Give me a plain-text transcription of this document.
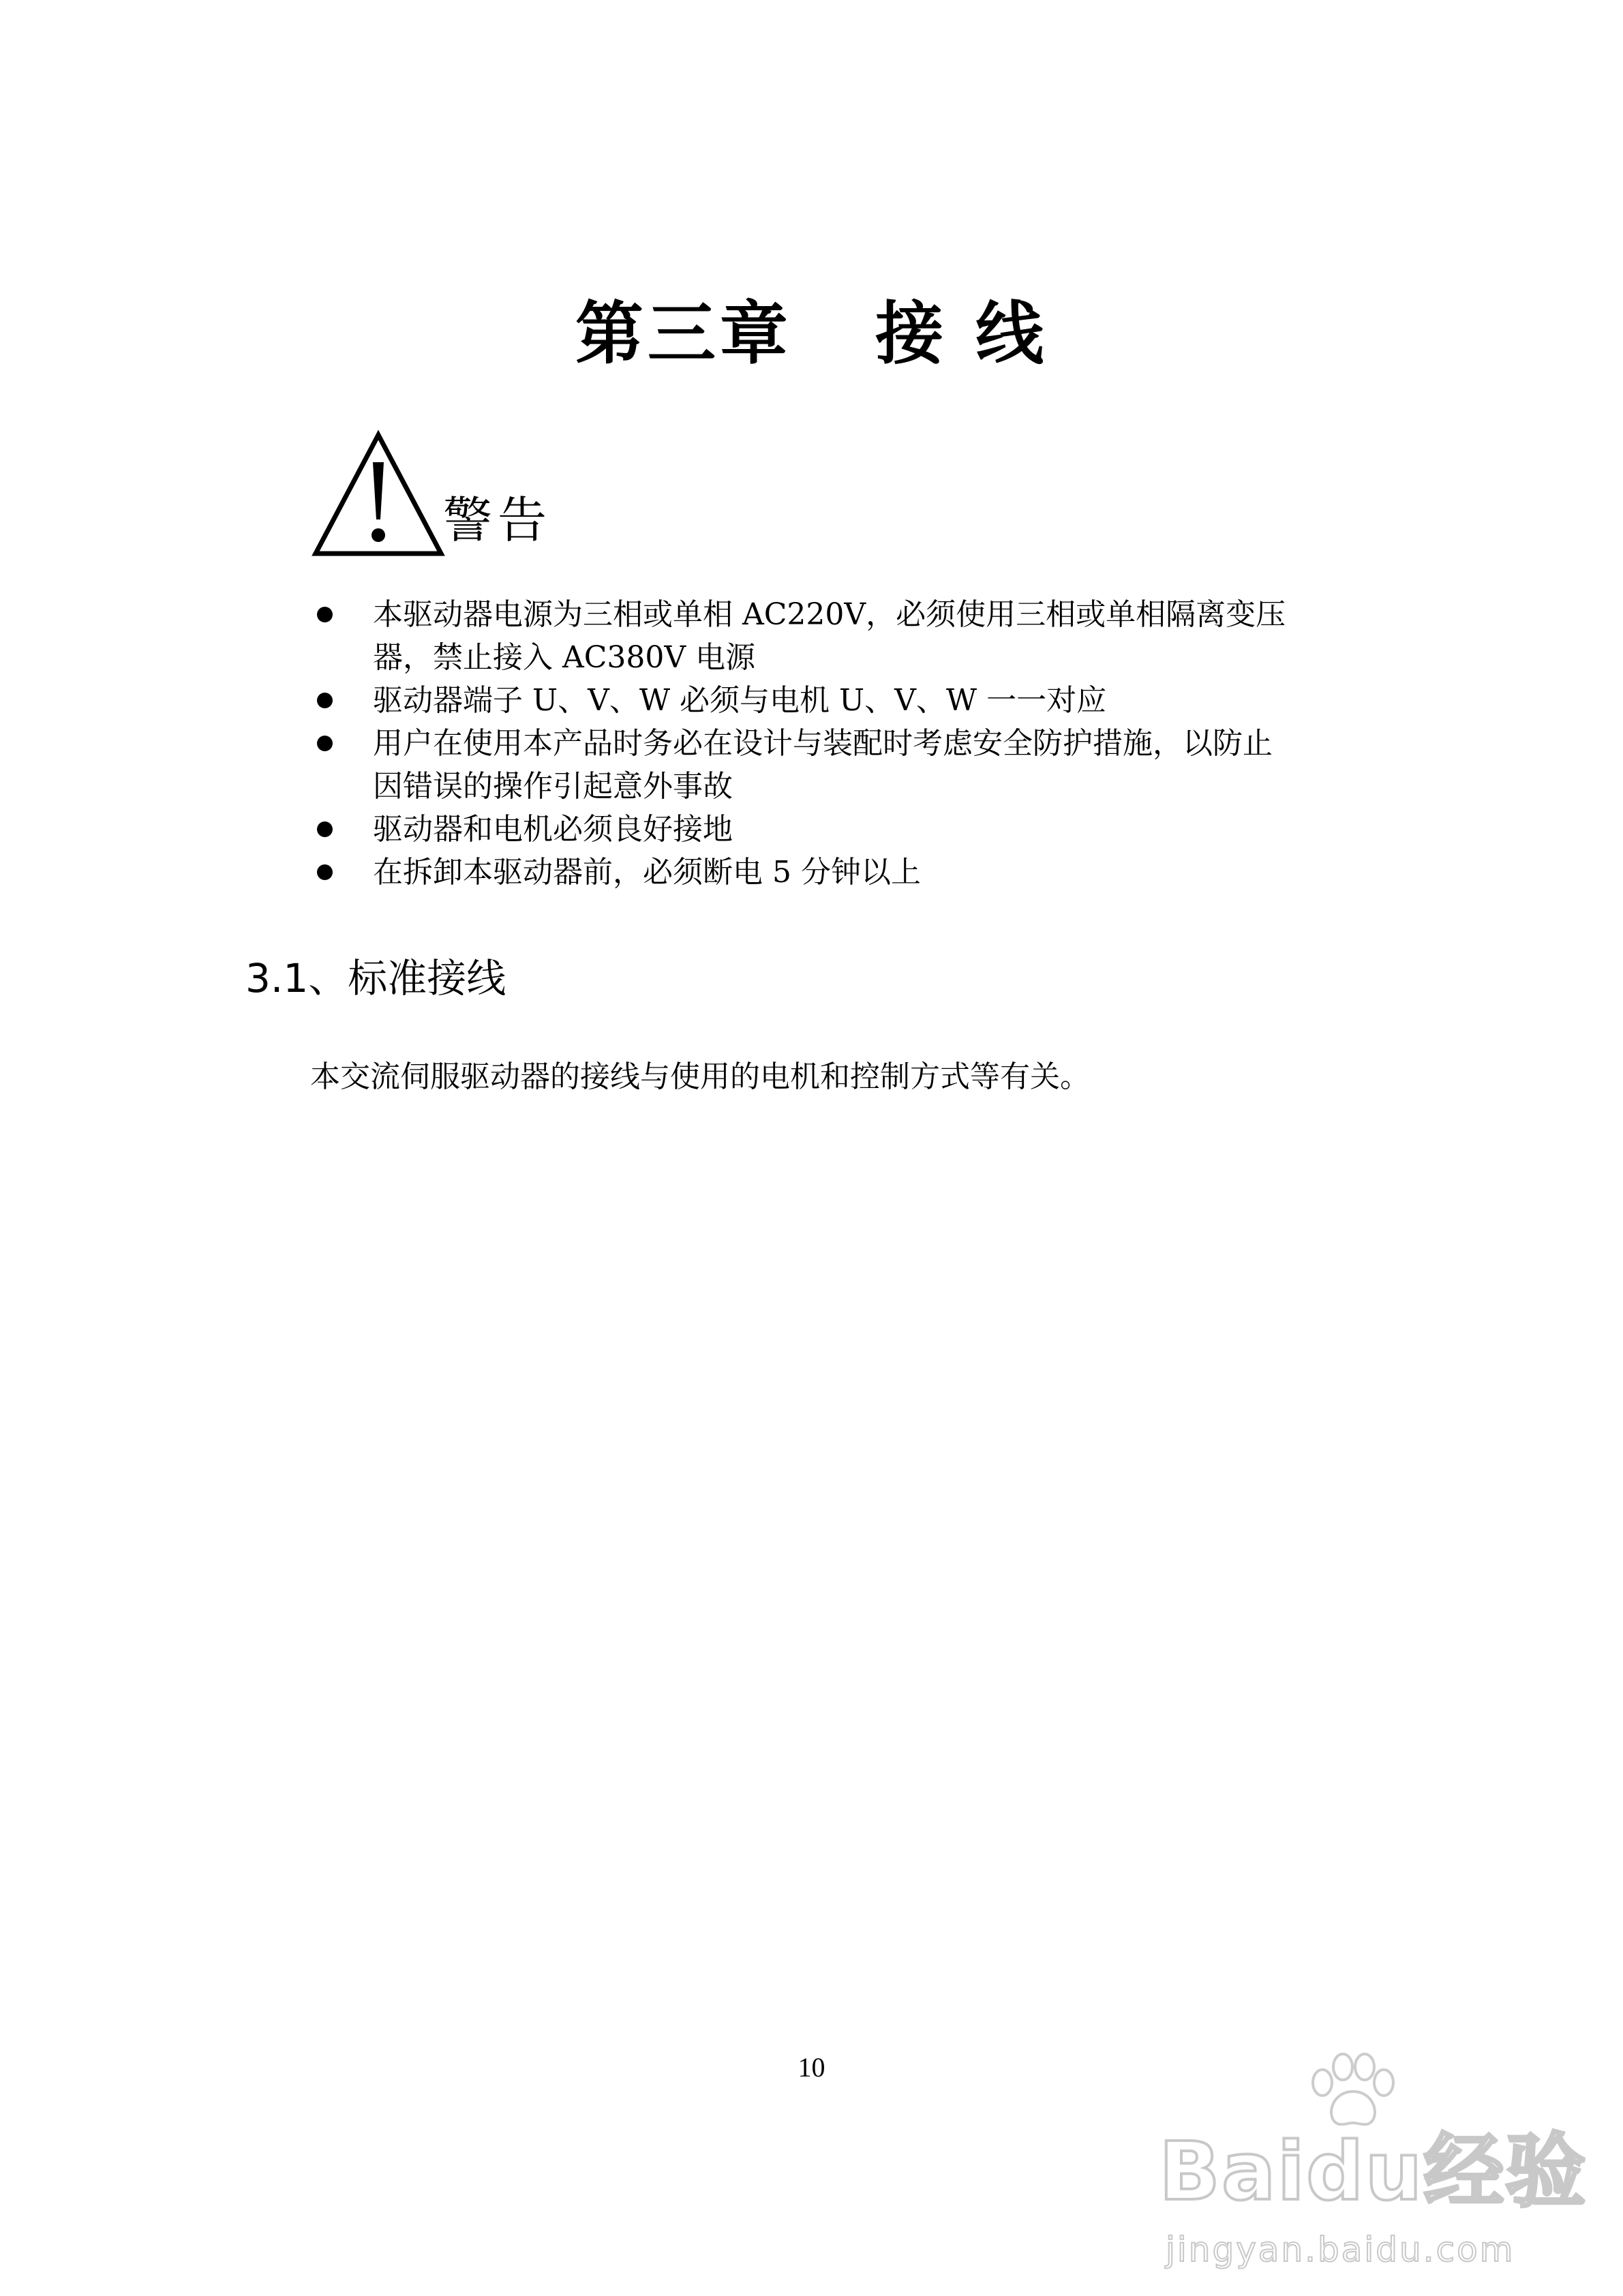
第三章   接 线
警告
本驱动器电源为三相或单相 AC220V，必须使用三相或单相隔离变压
器，禁止接入 AC380V 电源
驱动器端子 U、V、W 必须与电机 U、V、W 一一对应
用户在使用本产品时务必在设计与装配时考虑安全防护措施，以防止
因错误的操作引起意外事故
驱动器和电机必须良好接地
在拆卸本驱动器前，必须断电 5 分钟以上
3.1、标准接线
本交流伺服驱动器的接线与使用的电机和控制方式等有关。
10
Baidu经验
jingyan.baidu.com
